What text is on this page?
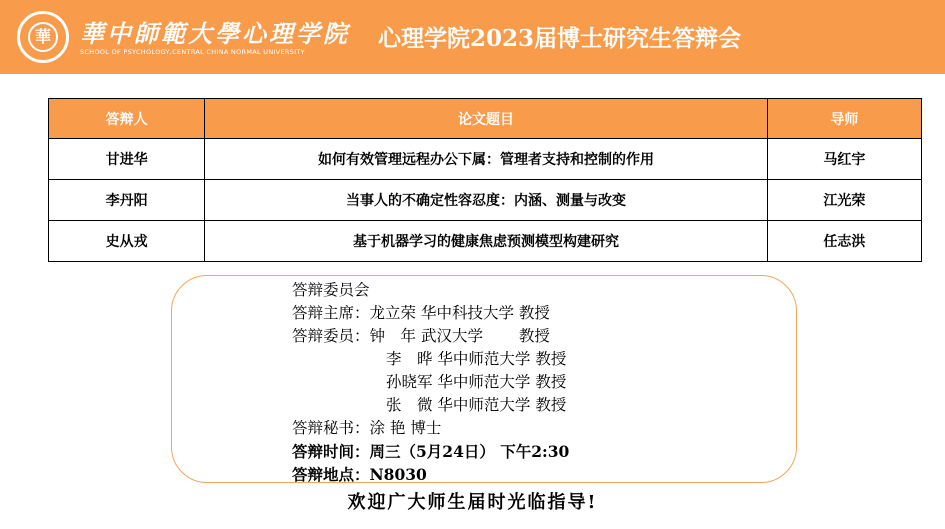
華 華中師範大學心理学院
SCHOOL OF PSYCHOLOGY,CENTRAL CHINA NORMAL UNIVERSITY	心理学院2023届博士研究生答辩会
答辩人	论文题目	导师
甘进华	如何有效管理远程办公下属：管理者支持和控制的作用	马红宇
李丹阳	当事人的不确定性容忍度：内涵、测量与改变	江光荣
史从戎	基于机器学习的健康焦虑预测模型构建研究	任志洪
答辩委员会
答辩主席：龙立荣 华中科技大学 教授
答辩委员：钟　年 武汉大学　　 教授
李　晔 华中师范大学 教授
孙晓军 华中师范大学 教授
张　微 华中师范大学 教授
答辩秘书：涂 艳 博士
答辩时间：周三（5月24日） 下午2:30
答辩地点：N8030
欢迎广大师生届时光临指导!
